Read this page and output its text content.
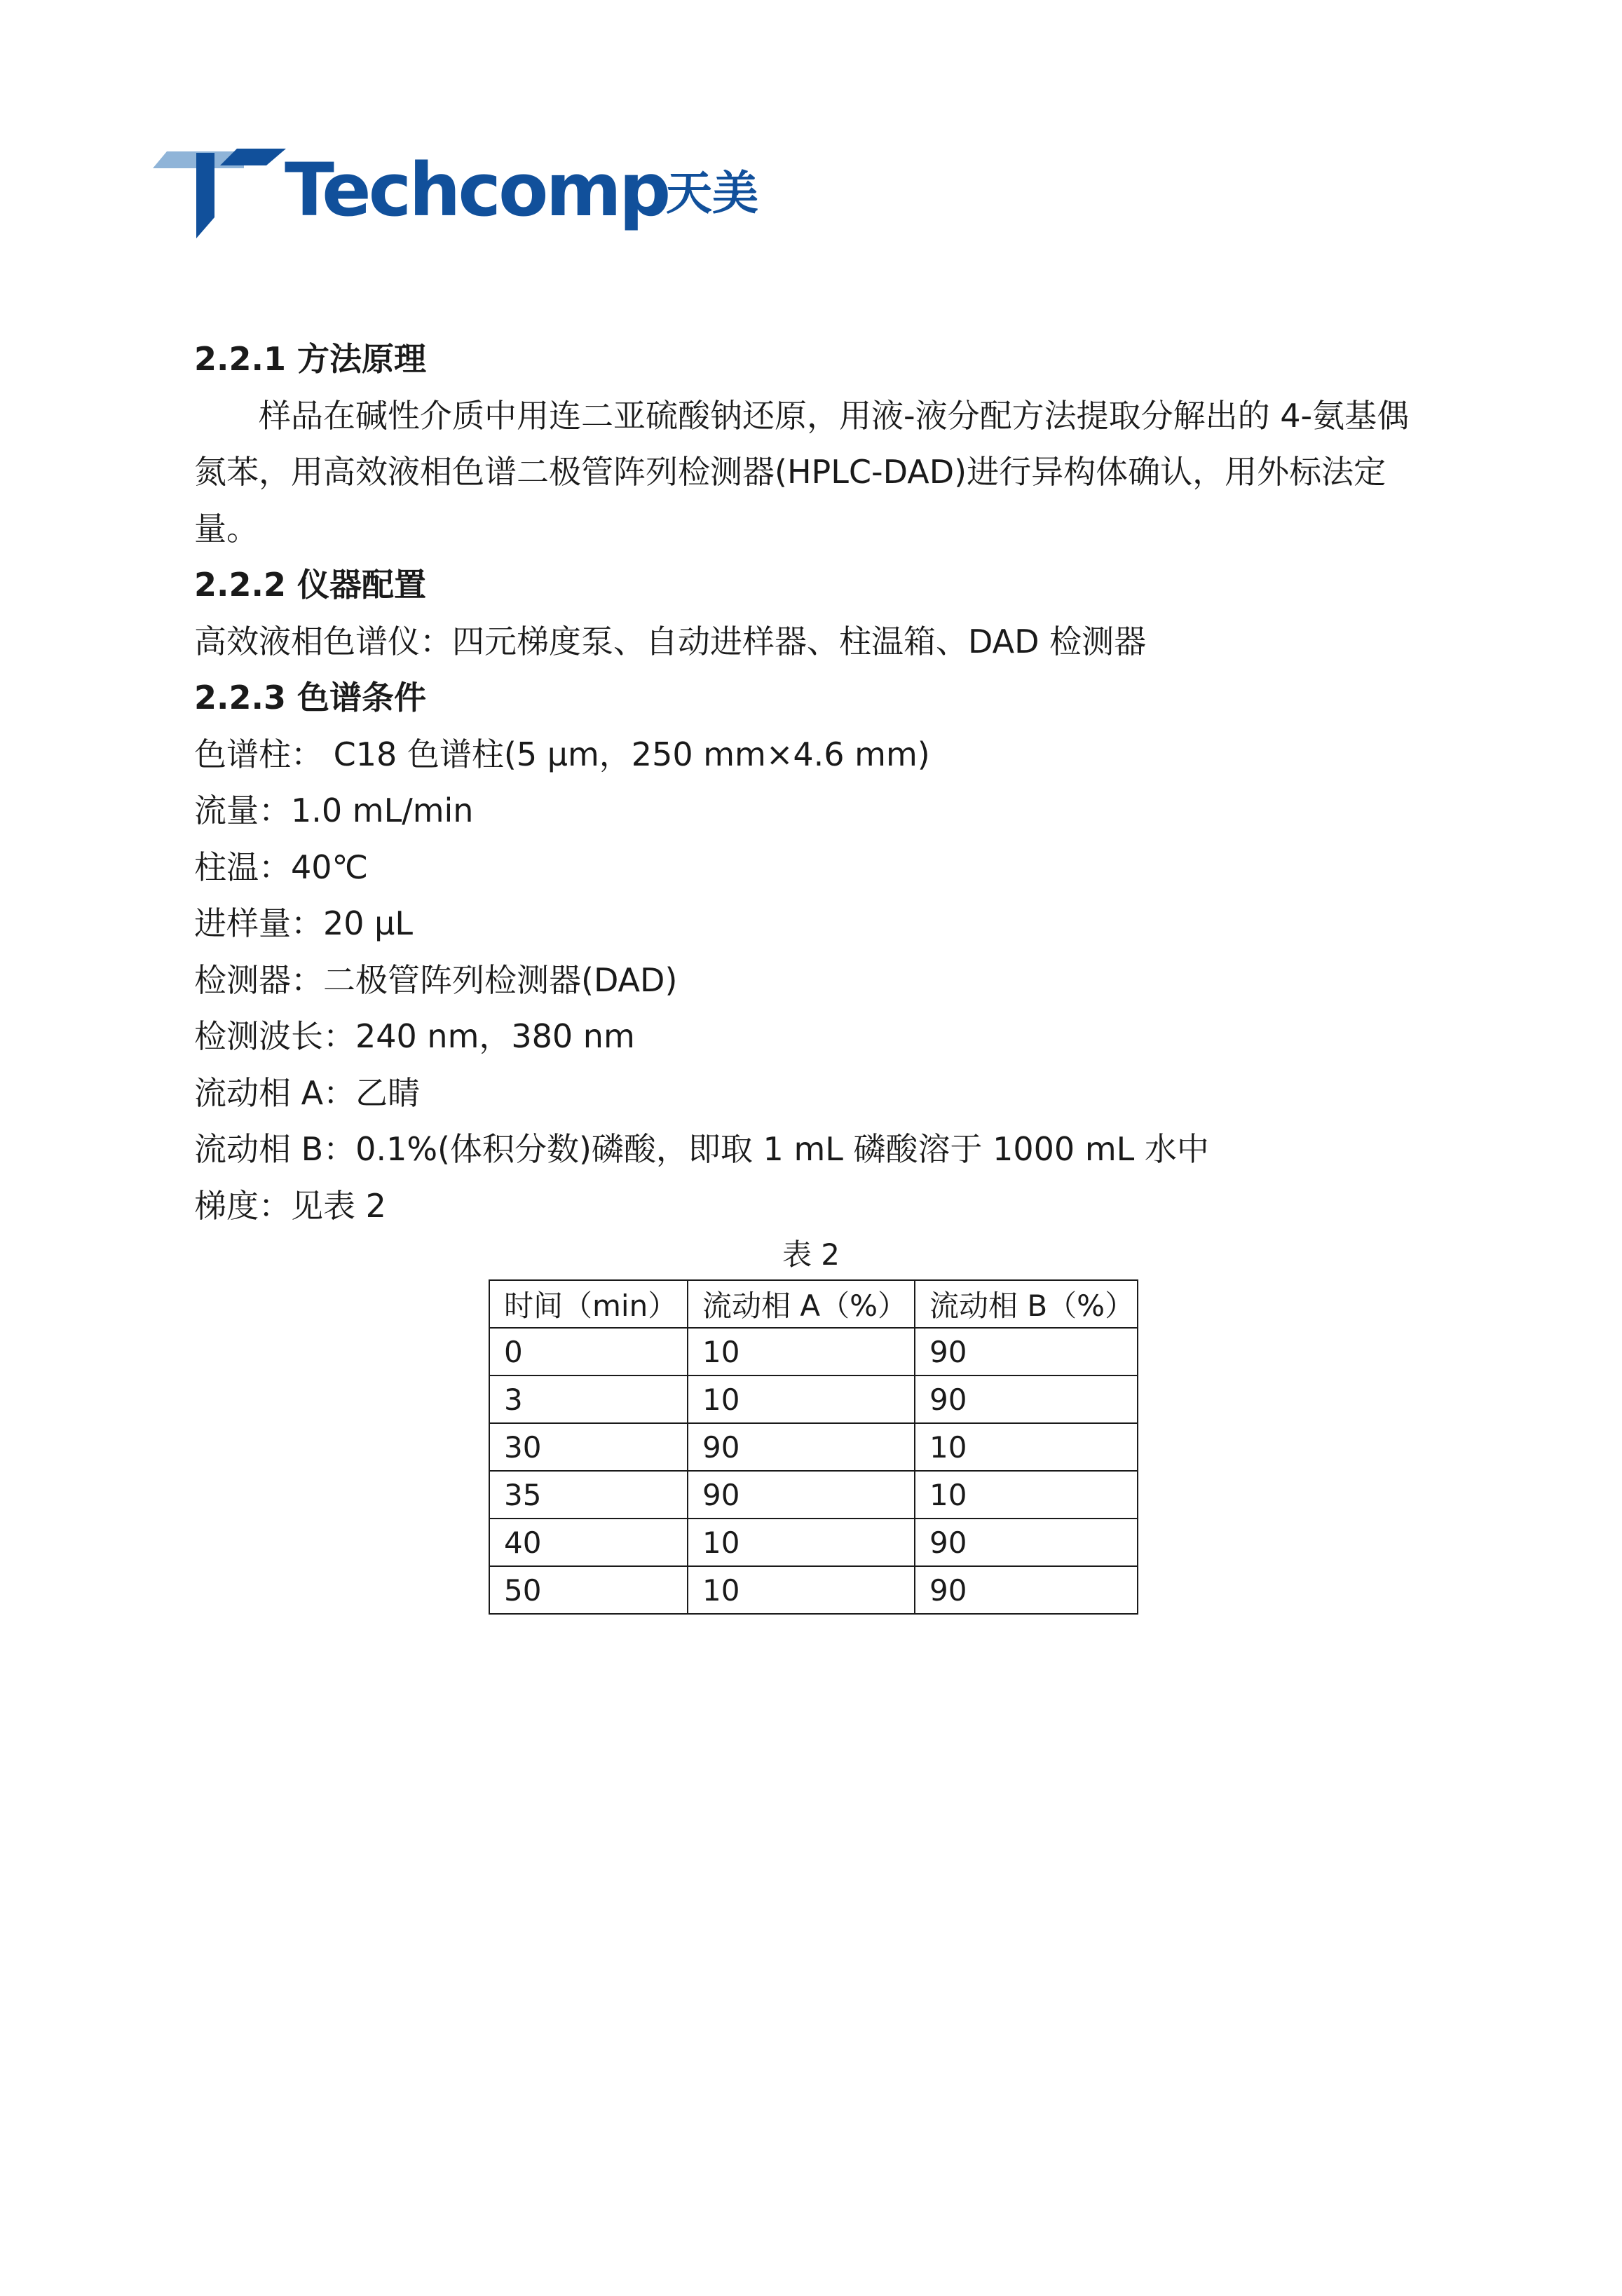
Techcomp
天美
2.2.1 方法原理
样品在碱性介质中用连二亚硫酸钠还原，用液-液分配方法提取分解出的 4-氨基偶
氮苯，用高效液相色谱二极管阵列检测器(HPLC-DAD)进行异构体确认，用外标法定
量。
2.2.2 仪器配置
高效液相色谱仪：四元梯度泵、自动进样器、柱温箱、DAD 检测器
2.2.3 色谱条件
色谱柱： C18 色谱柱(5 μm，250 mm×4.6 mm)
流量：1.0 mL/min
柱温：40℃
进样量：20 μL
检测器：二极管阵列检测器(DAD)
检测波长：240 nm，380 nm
流动相 A：乙睛
流动相 B：0.1%(体积分数)磷酸，即取 1 mL 磷酸溶于 1000 mL 水中
梯度：见表 2
表 2
时间（min）	流动相 A（%）	流动相 B（%）
0	10	90
3	10	90
30	90	10
35	90	10
40	10	90
50	10	90
